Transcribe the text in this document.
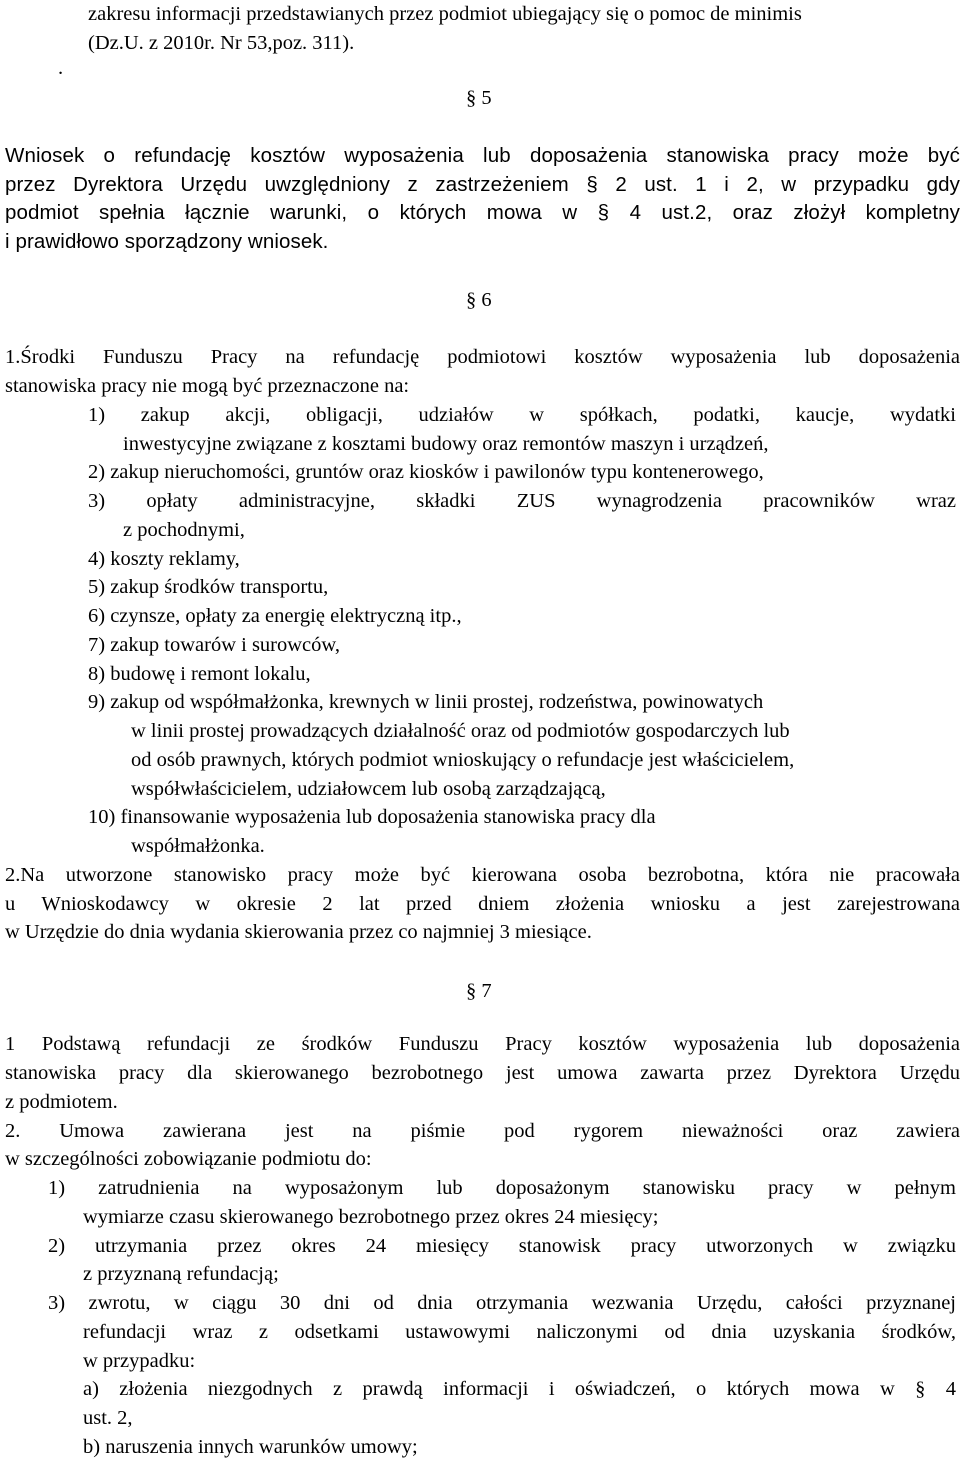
zakresu informacji przedstawianych przez podmiot ubiegający się o pomoc de minimis
(Dz.U. z 2010r. Nr 53,poz. 311).
.
§ 5
Wniosek o refundację kosztów wyposażenia lub doposażenia stanowiska pracy może być
przez Dyrektora Urzędu uwzględniony z zastrzeżeniem § 2 ust. 1 i 2, w przypadku gdy
podmiot spełnia łącznie warunki, o których mowa w § 4 ust.2, oraz złożył kompletny
i prawidłowo sporządzony wniosek.
§ 6
1.Środki Funduszu Pracy na refundację podmiotowi kosztów wyposażenia lub doposażenia
stanowiska pracy nie mogą być przeznaczone na:
1) zakup akcji, obligacji, udziałów w spółkach, podatki, kaucje, wydatki
inwestycyjne związane z kosztami budowy oraz remontów maszyn i urządzeń,
2) zakup nieruchomości, gruntów oraz kiosków i pawilonów typu kontenerowego,
3) opłaty administracyjne, składki ZUS wynagrodzenia pracowników wraz
z pochodnymi,
4) koszty reklamy,
5) zakup środków transportu,
6) czynsze, opłaty za energię elektryczną itp.,
7) zakup towarów i surowców,
8) budowę i remont lokalu,
9) zakup od współmałżonka, krewnych w linii prostej, rodzeństwa, powinowatych
w linii prostej prowadzących działalność oraz od podmiotów gospodarczych lub
od osób prawnych, których podmiot wnioskujący o refundacje jest właścicielem,
współwłaścicielem, udziałowcem lub osobą zarządzającą,
10) finansowanie wyposażenia lub doposażenia stanowiska pracy dla
współmałżonka.
2.Na utworzone stanowisko pracy może być kierowana osoba bezrobotna, która nie pracowała
u Wnioskodawcy w okresie 2 lat przed dniem złożenia wniosku a jest zarejestrowana
w Urzędzie do dnia wydania skierowania przez co najmniej 3 miesiące.
§ 7
1 Podstawą refundacji ze środków Funduszu Pracy kosztów wyposażenia lub doposażenia
stanowiska pracy dla skierowanego bezrobotnego jest umowa zawarta przez Dyrektora Urzędu
z podmiotem.
2. Umowa zawierana jest na piśmie pod rygorem nieważności oraz zawiera
w szczególności zobowiązanie podmiotu do:
1) zatrudnienia na wyposażonym lub doposażonym stanowisku pracy w pełnym
wymiarze czasu skierowanego bezrobotnego przez okres 24 miesięcy;
2) utrzymania przez okres 24 miesięcy stanowisk pracy utworzonych w związku
z przyznaną refundacją;
3) zwrotu, w ciągu 30 dni od dnia otrzymania wezwania Urzędu, całości przyznanej
refundacji wraz z odsetkami ustawowymi naliczonymi od dnia uzyskania środków,
w przypadku:
a) złożenia niezgodnych z prawdą informacji i oświadczeń, o których mowa w § 4
ust. 2,
b) naruszenia innych warunków umowy;
